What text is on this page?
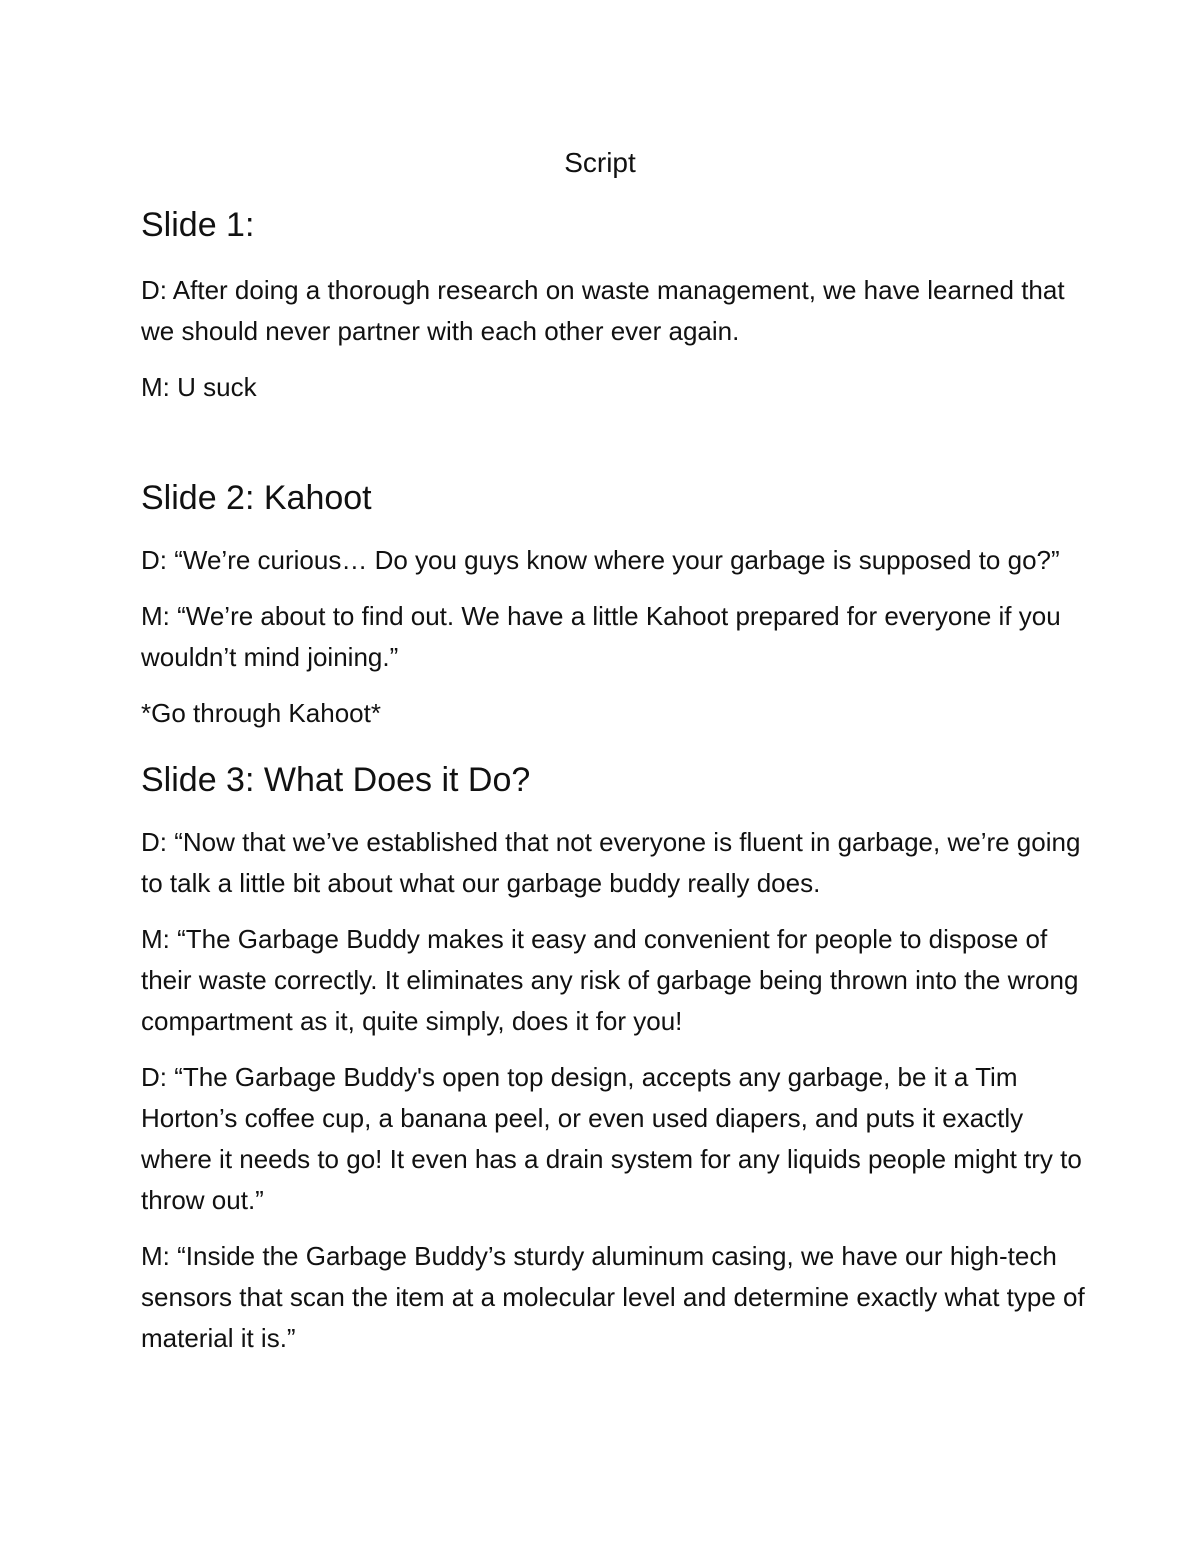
Script
Slide 1:

D: After doing a thorough research on waste management, we have learned that we should never partner with each other ever again.

M: U suck

Slide 2: Kahoot

D: “We’re curious… Do you guys know where your garbage is supposed to go?”

M: “We’re about to find out. We have a little Kahoot prepared for everyone if you wouldn’t mind joining.”

*Go through Kahoot*

Slide 3: What Does it Do?

D: “Now that we’ve established that not everyone is fluent in garbage, we’re going to talk a little bit about what our garbage buddy really does.

M: “The Garbage Buddy makes it easy and convenient for people to dispose of their waste correctly. It eliminates any risk of garbage being thrown into the wrong compartment as it, quite simply, does it for you!

D: “The Garbage Buddy's open top design, accepts any garbage, be it a Tim Horton’s coffee cup, a banana peel, or even used diapers, and puts it exactly where it needs to go! It even has a drain system for any liquids people might try to throw out.”

M: “Inside the Garbage Buddy’s sturdy aluminum casing, we have our high-tech sensors that scan the item at a molecular level and determine exactly what type of material it is.”
